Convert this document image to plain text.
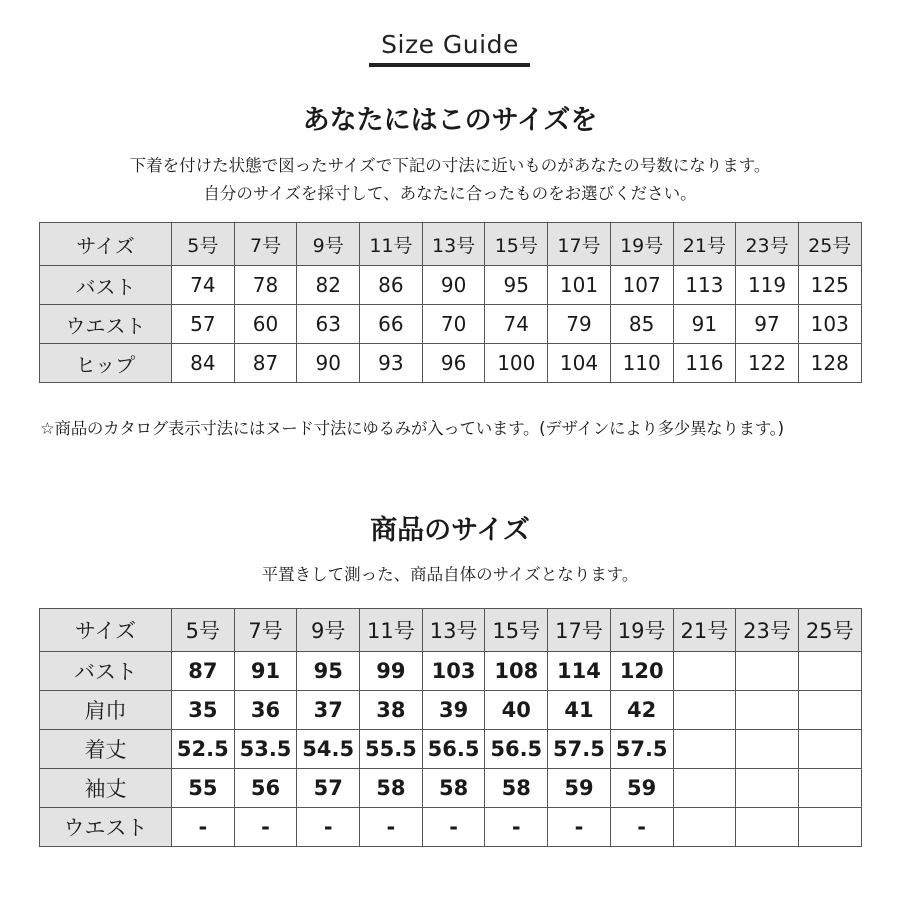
Size Guide
あなたにはこのサイズを
下着を付けた状態で図ったサイズで下記の寸法に近いものがあなたの号数になります。
自分のサイズを採寸して、あなたに合ったものをお選びください。
サイズ	5号	7号	9号	11号	13号	15号	17号	19号	21号	23号	25号
バスト	74	78	82	86	90	95	101	107	113	119	125
ウエスト	57	60	63	66	70	74	79	85	91	97	103
ヒップ	84	87	90	93	96	100	104	110	116	122	128
☆商品のカタログ表示寸法にはヌード寸法にゆるみが入っています。(デザインにより多少異なります。)
商品のサイズ
平置きして測った、商品自体のサイズとなります。
サイズ	5号	7号	9号	11号	13号	15号	17号	19号	21号	23号	25号
バスト	87	91	95	99	103	108	114	120			
肩巾	35	36	37	38	39	40	41	42			
着丈	52.5	53.5	54.5	55.5	56.5	56.5	57.5	57.5			
袖丈	55	56	57	58	58	58	59	59			
ウエスト	-	-	-	-	-	-	-	-			
